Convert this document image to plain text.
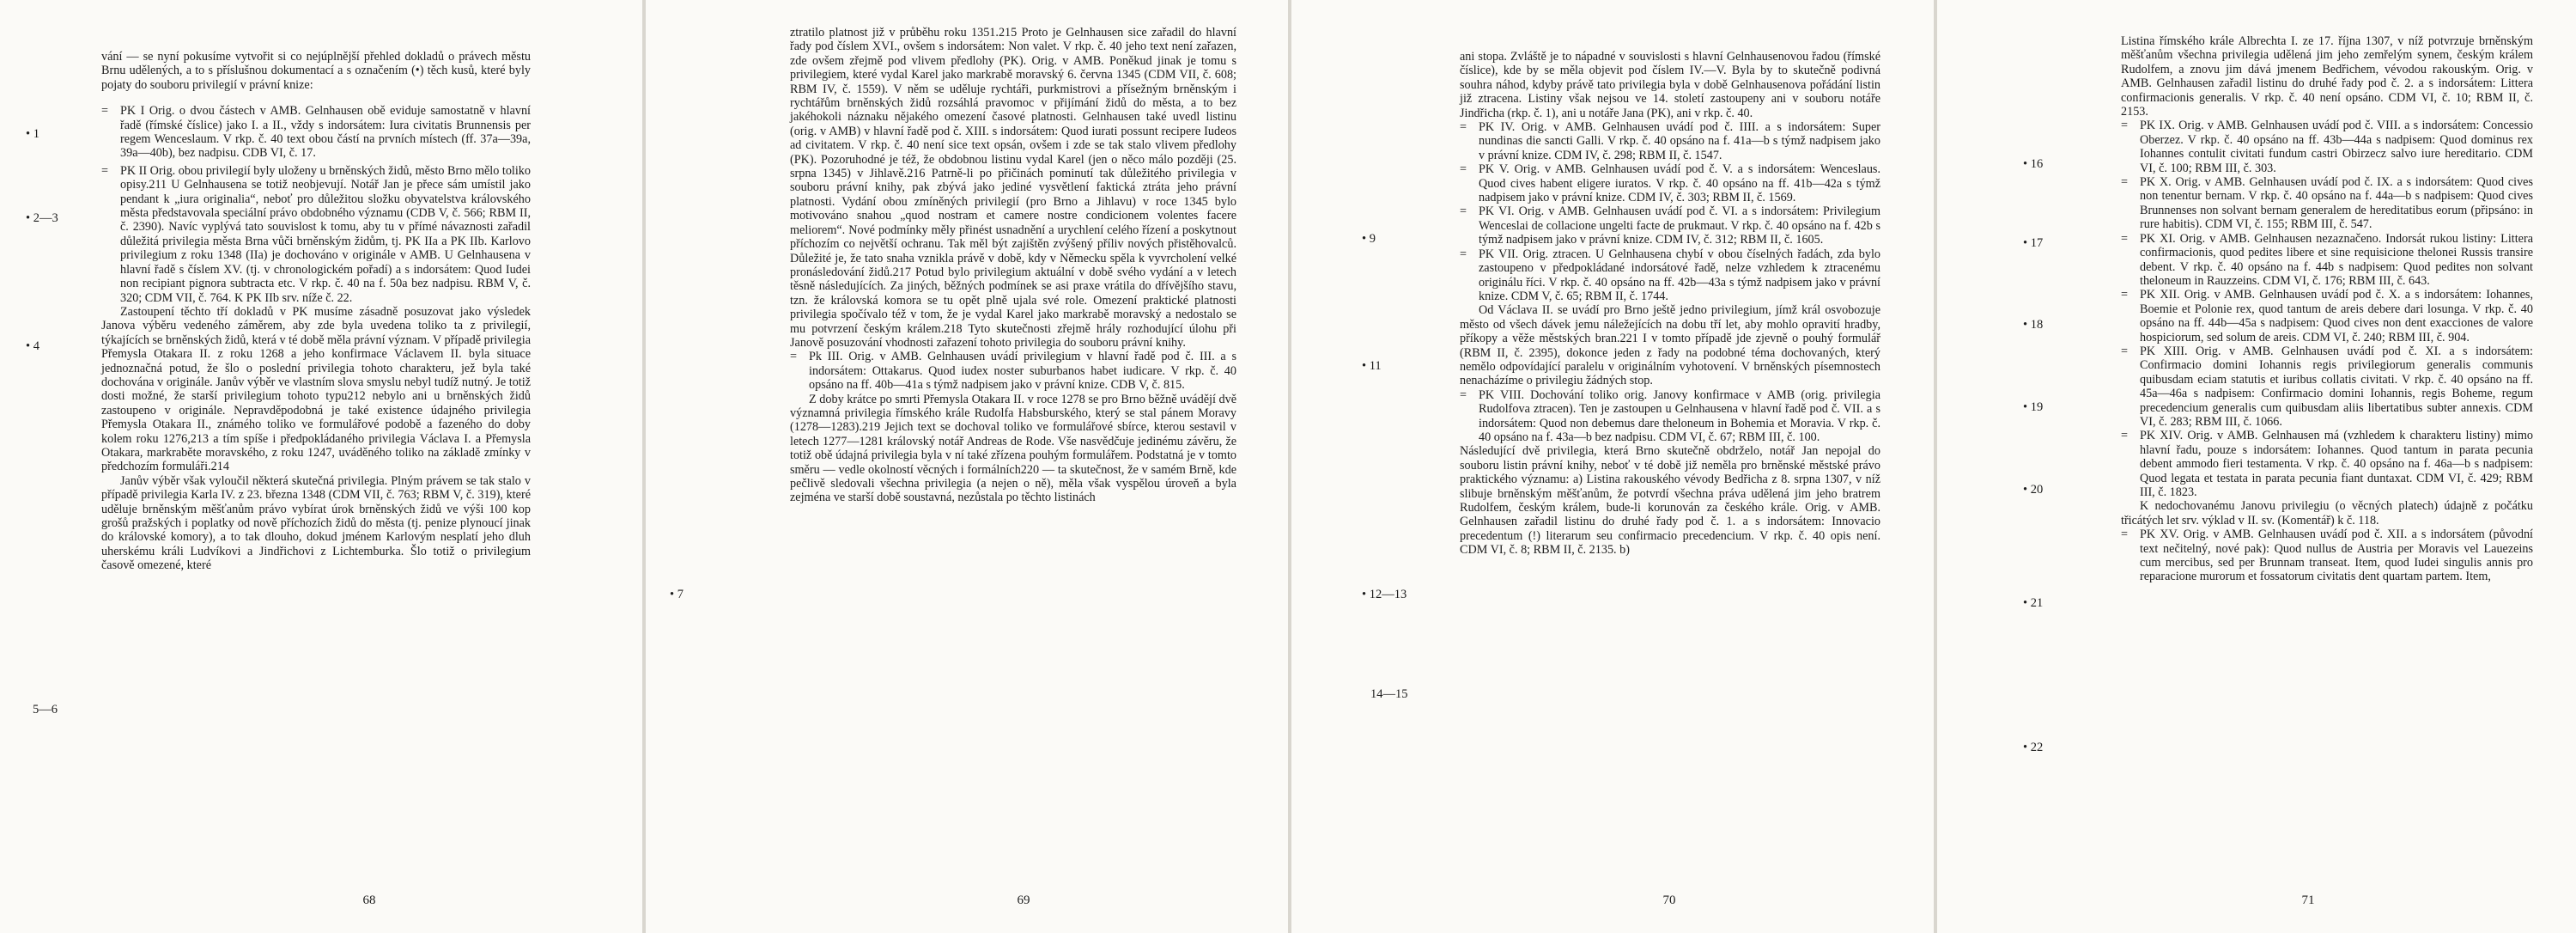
• 1
• 2—3
• 4
5—6

vání — se nyní pokusíme vytvořit si co nejúplnější přehled dokladů o právech městu Brnu udělených, a to s příslušnou dokumentací a s označením (•) těch kusů, které byly pojaty do souboru privilegií v právní knize:

= PK I Orig. o dvou částech v AMB. Gelnhausen obě eviduje samostatně v hlavní řadě (římské číslice) jako I. a II., vždy s indorsátem: Iura civitatis Brunnensis per regem Wenceslaum. V rkp. č. 40 text obou částí na prvních místech (ff. 37a—39a, 39a—40b), bez nadpisu. CDB VI, č. 17.
= PK II Orig. obou privilegií byly uloženy u brněnských židů, město Brno mělo toliko opisy.211 U Gelnhausena se totiž neobjevují. Notář Jan je přece sám umístil jako pendant k „iura originalia“, neboť pro důležitou složku obyvatelstva královského města představovala speciální právo obdobného významu (CDB V, č. 566; RBM II, č. 2390). Navíc vyplývá tato souvislost k tomu, aby tu v přímé návaznosti zařadil důležitá privilegia města Brna vůči brněnským židům, tj. PK IIa a PK IIb. Karlovo privilegium z roku 1348 (IIa) je dochováno v originále v AMB. U Gelnhausena v hlavní řadě s číslem XV. (tj. v chronologickém pořadí) a s indorsátem: Quod Iudei non recipiant pignora subtracta etc. V rkp. č. 40 na f. 50a bez nadpisu. RBM V, č. 320; CDM VII, č. 764. K PK IIb srv. níže č. 22.

Zastoupení těchto tří dokladů v PK musíme zásadně posuzovat jako výsledek Janova výběru vedeného záměrem, aby zde byla uvedena toliko ta z privilegií, týkajících se brněnských židů, která v té době měla právní význam. V případě privilegia Přemysla Otakara II. z roku 1268 a jeho konfirmace Václavem II. byla situace jednoznačná potud, že šlo o poslední privilegia tohoto charakteru, jež byla také dochována v originále. Janův výběr ve vlastním slova smyslu nebyl tudíž nutný. Je totiž dosti možné, že starší privilegium tohoto typu212 nebylo ani u brněnských židů zastoupeno v originále. Nepravděpodobná je také existence údajného privilegia Přemysla Otakara II., známého toliko ve formulářové podobě a fazeného do doby kolem roku 1276,213 a tím spíše i předpokládaného privilegia Václava I. a Přemysla Otakara, markraběte moravského, z roku 1247, uváděného toliko na základě zmínky v předchozím formuláři.214

Janův výběr však vyloučil některá skutečná privilegia. Plným právem se tak stalo v případě privilegia Karla IV. z 23. března 1348 (CDM VII, č. 763; RBM V, č. 319), které uděluje brněnským měšťanům právo vybírat úrok brněnských židů ve výši 100 kop grošů pražských i poplatky od nově příchozích židů do města (tj. penize plynoucí jinak do královské komory), a to tak dlouho, dokud jménem Karlovým nesplatí jeho dluh uherskému králi Ludvíkovi a Jindřichovi z Lichtemburka. Šlo totiž o privilegium časově omezené, které

68
• 7

ztratilo platnost již v průběhu roku 1351.215 Proto je Gelnhausen sice zařadil do hlavní řady pod číslem XVI., ovšem s indorsátem: Non valet. V rkp. č. 40 jeho text není zařazen, zde ovšem zřejmě pod vlivem předlohy (PK). Orig. v AMB. Poněkud jinak je tomu s privilegiem, které vydal Karel jako markrabě moravský 6. června 1345 (CDM VII, č. 608; RBM IV, č. 1559). V něm se uděluje rychtáři, purkmistrovi a přísežným brněnským i rychtářům brněnských židů rozsáhlá pravomoc v přijímání židů do města, a to bez jakéhokoli náznaku nějakého omezení časové platnosti. Gelnhausen také uvedl listinu (orig. v AMB) v hlavní řadě pod č. XIII. s indorsátem: Quod iurati possunt recipere Iudeos ad civitatem. V rkp. č. 40 není sice text opsán, ovšem i zde se tak stalo vlivem předlohy (PK). Pozoruhodné je též, že obdobnou listinu vydal Karel (jen o něco málo později (25. srpna 1345) v Jihlavě.216 Patrně-li po přičinách pominutí tak důležitého privilegia v souboru právní knihy, pak zbývá jako jediné vysvětlení faktická ztráta jeho právní platnosti. Vydání obou zmíněných privilegií (pro Brno a Jihlavu) v roce 1345 bylo motivováno snahou „quod nostram et camere nostre condicionem volentes facere meliorem“. Nové podmínky měly přinést usnadnění a urychlení celého řízení a poskytnout příchozím co největší ochranu. Tak měl být zajištěn zvýšený příliv nových přistěhovalců. Důležité je, že tato snaha vznikla právě v době, kdy v Německu spěla k vyvrcholení velké pronásledování židů.217 Potud bylo privilegium aktuální v době svého vydání a v letech těsně následujících. Za jiných, běžných podmínek se asi praxe vrátila do dřívějšího stavu, tzn. že královská komora se tu opět plně ujala své role. Omezení praktické platnosti privilegia spočívalo též v tom, že je vydal Karel jako markrabě moravský a nedostalo se mu potvrzení českým králem.218 Tyto skutečnosti zřejmě hrály rozhodující úlohu při Janově posuzování vhodnosti zařazení tohoto privilegia do souboru právní knihy.

= Pk III. Orig. v AMB. Gelnhausen uvádí privilegium v hlavní řadě pod č. III. a s indorsátem: Ottakarus. Quod iudex noster suburbanos habet iudicare. V rkp. č. 40 opsáno na ff. 40b—41a s týmž nadpisem jako v právní knize. CDB V, č. 815.

Z doby krátce po smrti Přemysla Otakara II. v roce 1278 se pro Brno běžně uvádějí dvě významná privilegia římského krále Rudolfa Habsburského, který se stal pánem Moravy (1278—1283).219 Jejich text se dochoval toliko ve formulářové sbírce, kterou sestavil v letech 1277—1281 královský notář Andreas de Rode. Vše nasvědčuje jedinému závěru, že totiž obě údajná privilegia byla v ní také zřízena pouhým formulářem. Podstatná je v tomto směru — vedle okolností věcných i formálních220 — ta skutečnost, že v samém Brně, kde pečlivě sledovali všechna privilegia (a nejen o ně), měla však vyspělou úroveň a byla zejména ve starší době soustavná, nezůstala po těchto listinách

69
• 9
• 11
• 12—13
14—15

ani stopa. Zvláště je to nápadné v souvislosti s hlavní Gelnhausenovou řadou (římské číslice), kde by se měla objevit pod číslem IV.—V. Byla by to skutečně podivná souhra náhod, kdyby právě tato privilegia byla v době Gelnhausenova pořádání listin již ztracena. Listiny však nejsou ve 14. století zastoupeny ani v souboru notáře Jindřicha (rkp. č. 1), ani u notáře Jana (PK), ani v rkp. č. 40.

= PK IV. Orig. v AMB. Gelnhausen uvádí pod č. IIII. a s indorsátem: Super nundinas die sancti Galli. V rkp. č. 40 opsáno na f. 41a—b s týmž nadpisem jako v právní knize. CDM IV, č. 298; RBM II, č. 1547.
= PK V. Orig. v AMB. Gelnhausen uvádí pod č. V. a s indorsátem: Wenceslaus. Quod cives habent eligere iuratos. V rkp. č. 40 opsáno na ff. 41b—42a s týmž nadpisem jako v právní knize. CDM IV, č. 303; RBM II, č. 1569.
= PK VI. Orig. v AMB. Gelnhausen uvádí pod č. VI. a s indorsátem: Privilegium Wenceslai de collacione ungelti facte de prukmaut. V rkp. č. 40 opsáno na f. 42b s týmž nadpisem jako v právní knize. CDM IV, č. 312; RBM II, č. 1605.
= PK VII. Orig. ztracen. U Gelnhausena chybí v obou číselných řadách, zda bylo zastoupeno v předpokládané indorsátové řadě, nelze vzhledem k ztracenému originálu říci. V rkp. č. 40 opsáno na ff. 42b—43a s týmž nadpisem jako v právní knize. CDM V, č. 65; RBM II, č. 1744.

Od Václava II. se uvádí pro Brno ještě jedno privilegium, jímž král osvobozuje město od všech dávek jemu náležejících na dobu tří let, aby mohlo opravití hradby, příkopy a věže městských bran.221 I v tomto případě jde zjevně o pouhý formulář (RBM II, č. 2395), dokonce jeden z řady na podobné téma dochovaných, který nemělo odpovídající paralelu v originálním vyhotovení. V brněnských písemnostech nenacházíme o privilegiu žádných stop.

= PK VIII. Dochování toliko orig. Janovy konfirmace v AMB (orig. privilegia Rudolfova ztracen). Ten je zastoupen u Gelnhausena v hlavní řadě pod č. VII. a s indorsátem: Quod non debemus dare theloneum in Bohemia et Moravia. V rkp. č. 40 opsáno na f. 43a—b bez nadpisu. CDM VI, č. 67; RBM III, č. 100.

Následující dvě privilegia, která Brno skutečně obdrželo, notář Jan nepojal do souboru listin právní knihy, neboť v té době již neměla pro brněnské městské právo praktického významu: a) Listina rakouského vévody Bedřicha z 8. srpna 1307, v níž slibuje brněnským měšťanům, že potvrdí všechna práva udělená jim jeho bratrem Rudolfem, českým králem, bude-li korunován za českého krále. Orig. v AMB. Gelnhausen zařadil listinu do druhé řady pod č. 1. a s indorsátem: Innovacio precedentum (!) literarum seu confirmacio precedencium. V rkp. č. 40 opis není. CDM VI, č. 8; RBM II, č. 2135. b)

70
• 16
• 17
• 18
• 19
• 20
• 21
• 22

Listina římského krále Albrechta I. ze 17. října 1307, v níž potvrzuje brněnským měšťanům všechna privilegia udělená jim jeho zemřelým synem, českým králem Rudolfem, a znovu jim dává jmenem Bedřichem, vévodou rakouským. Orig. v AMB. Gelnhausen zařadil listinu do druhé řady pod č. 2. a s indorsátem: Littera confirmacionis generalis. V rkp. č. 40 není opsáno. CDM VI, č. 10; RBM II, č. 2153.

= PK IX. Orig. v AMB. Gelnhausen uvádí pod č. VIII. a s indorsátem: Concessio Oberzez. V rkp. č. 40 opsáno na ff. 43b—44a s nadpisem: Quod dominus rex Iohannes contulit civitati fundum castri Obirzecz salvo iure hereditario. CDM VI, č. 100; RBM III, č. 303.
= PK X. Orig. v AMB. Gelnhausen uvádí pod č. IX. a s indorsátem: Quod cives non tenentur bernam. V rkp. č. 40 opsáno na f. 44a—b s nadpisem: Quod cives Brunnenses non solvant bernam generalem de hereditatibus eorum (připsáno: in rure habitis). CDM VI, č. 155; RBM III, č. 547.
= PK XI. Orig. v AMB. Gelnhausen nezaznačeno. Indorsát rukou listiny: Littera confirmacionis, quod pedites libere et sine requisicione thelonei Russis transire debent. V rkp. č. 40 opsáno na f. 44b s nadpisem: Quod pedites non solvant theloneum in Rauzzeins. CDM VI, č. 176; RBM III, č. 643.
= PK XII. Orig. v AMB. Gelnhausen uvádí pod č. X. a s indorsátem: Iohannes, Boemie et Polonie rex, quod tantum de areis debere dari losunga. V rkp. č. 40 opsáno na ff. 44b—45a s nadpisem: Quod cives non dent exacciones de valore hospiciorum, sed solum de areis. CDM VI, č. 240; RBM III, č. 904.
= PK XIII. Orig. v AMB. Gelnhausen uvádí pod č. XI. a s indorsátem: Confirmacio domini Iohannis regis privilegiorum generalis communis quibusdam eciam statutis et iuribus collatis civitati. V rkp. č. 40 opsáno na ff. 45a—46a s nadpisem: Confirmacio domini Iohannis, regis Boheme, regum precedencium generalis cum quibusdam aliis libertatibus subter annexis. CDM VI, č. 283; RBM III, č. 1066.
= PK XIV. Orig. v AMB. Gelnhausen má (vzhledem k charakteru listiny) mimo hlavní řadu, pouze s indorsátem: Iohannes. Quod tantum in parata pecunia debent ammodo fieri testamenta. V rkp. č. 40 opsáno na f. 46a—b s nadpisem: Quod legata et testata in parata pecunia fiant duntaxat. CDM VI, č. 429; RBM III, č. 1823.

K nedochovanému Janovu privilegiu (o věcných platech) údajně z počátku třicátých let srv. výklad v II. sv. (Komentář) k č. 118.

= PK XV. Orig. v AMB. Gelnhausen uvádí pod č. XII. a s indorsátem (původní text nečitelný, nové pak): Quod nullus de Austria per Moravis vel Lauezeins cum mercibus, sed per Brunnam transeat. Item, quod Iudei singulis annis pro reparacione murorum et fossatorum civitatis dent quartam partem. Item,
71
